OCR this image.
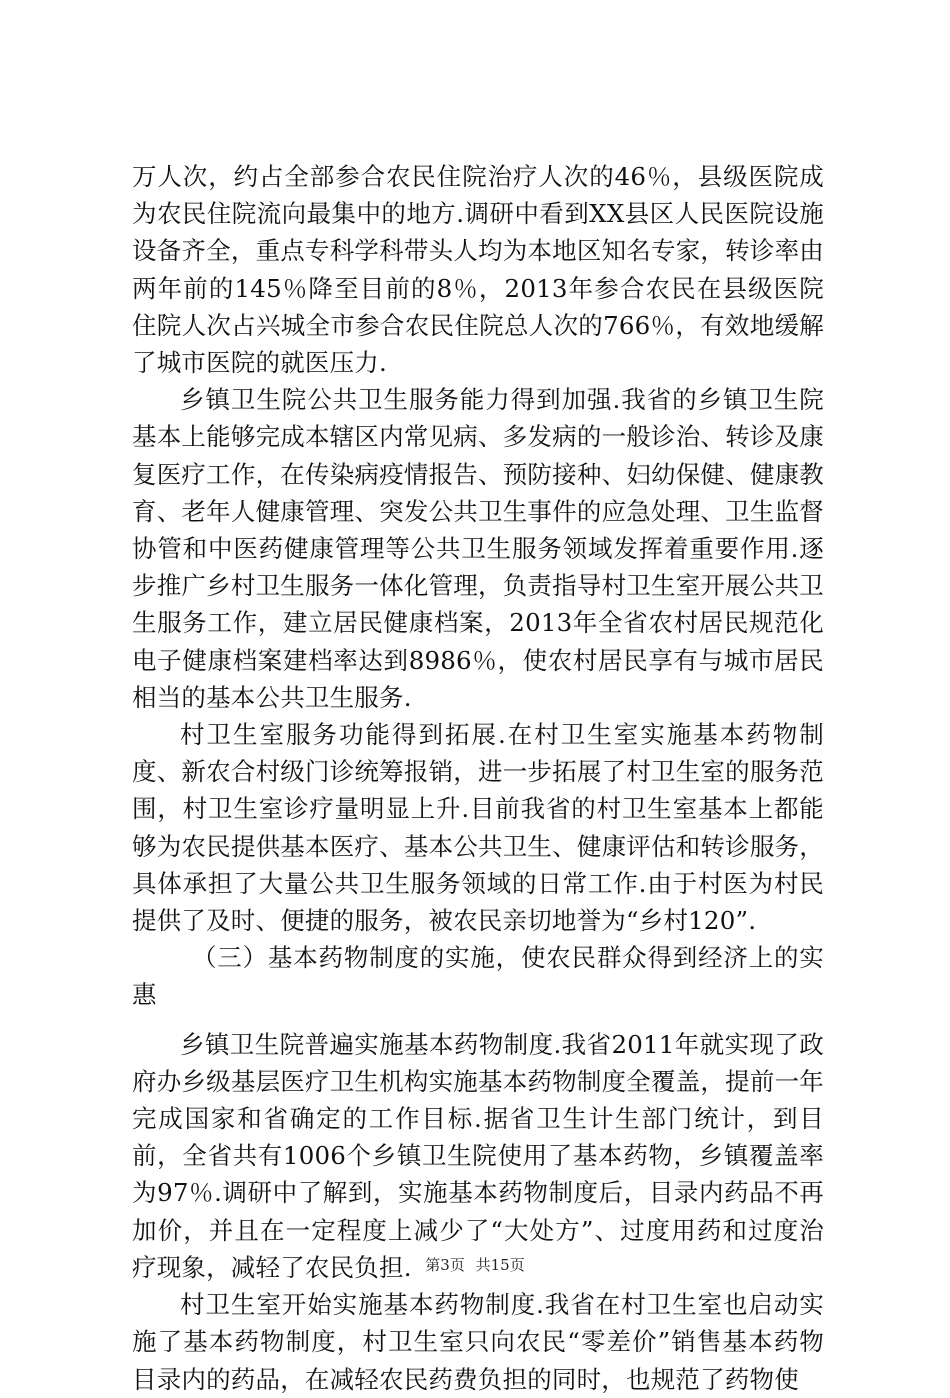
万人次，约占全部参合农民住院治疗人次的46％，县级医院成为农民住院流向最集中的地方.调研中看到XX县区人民医院设施设备齐全，重点专科学科带头人均为本地区知名专家，转诊率由两年前的145％降至目前的8％，2013年参合农民在县级医院住院人次占兴城全市参合农民住院总人次的766％，有效地缓解了城市医院的就医压力.

乡镇卫生院公共卫生服务能力得到加强.我省的乡镇卫生院基本上能够完成本辖区内常见病、多发病的一般诊治、转诊及康复医疗工作，在传染病疫情报告、预防接种、妇幼保健、健康教育、老年人健康管理、突发公共卫生事件的应急处理、卫生监督协管和中医药健康管理等公共卫生服务领域发挥着重要作用.逐步推广乡村卫生服务一体化管理，负责指导村卫生室开展公共卫生服务工作，建立居民健康档案，2013年全省农村居民规范化电子健康档案建档率达到8986％，使农村居民享有与城市居民相当的基本公共卫生服务.

村卫生室服务功能得到拓展.在村卫生室实施基本药物制度、新农合村级门诊统筹报销，进一步拓展了村卫生室的服务范围，村卫生室诊疗量明显上升.目前我省的村卫生室基本上都能够为农民提供基本医疗、基本公共卫生、健康评估和转诊服务，具体承担了大量公共卫生服务领域的日常工作.由于村医为村民提供了及时、便捷的服务，被农民亲切地誉为“乡村120”.

（三）基本药物制度的实施，使农民群众得到经济上的实惠

乡镇卫生院普遍实施基本药物制度.我省2011年就实现了政府办乡级基层医疗卫生机构实施基本药物制度全覆盖，提前一年完成国家和省确定的工作目标.据省卫生计生部门统计，到目前，全省共有1006个乡镇卫生院使用了基本药物，乡镇覆盖率为97％.调研中了解到，实施基本药物制度后，目录内药品不再加价，并且在一定程度上减少了“大处方”、过度用药和过度治疗现象，减轻了农民负担.

村卫生室开始实施基本药物制度.我省在村卫生室也启动实施了基本药物制度，村卫生室只向农民“零差价”销售基本药物目录内的药品，在减轻农民药费负担的同时，也规范了药物使

第3页 共15页
